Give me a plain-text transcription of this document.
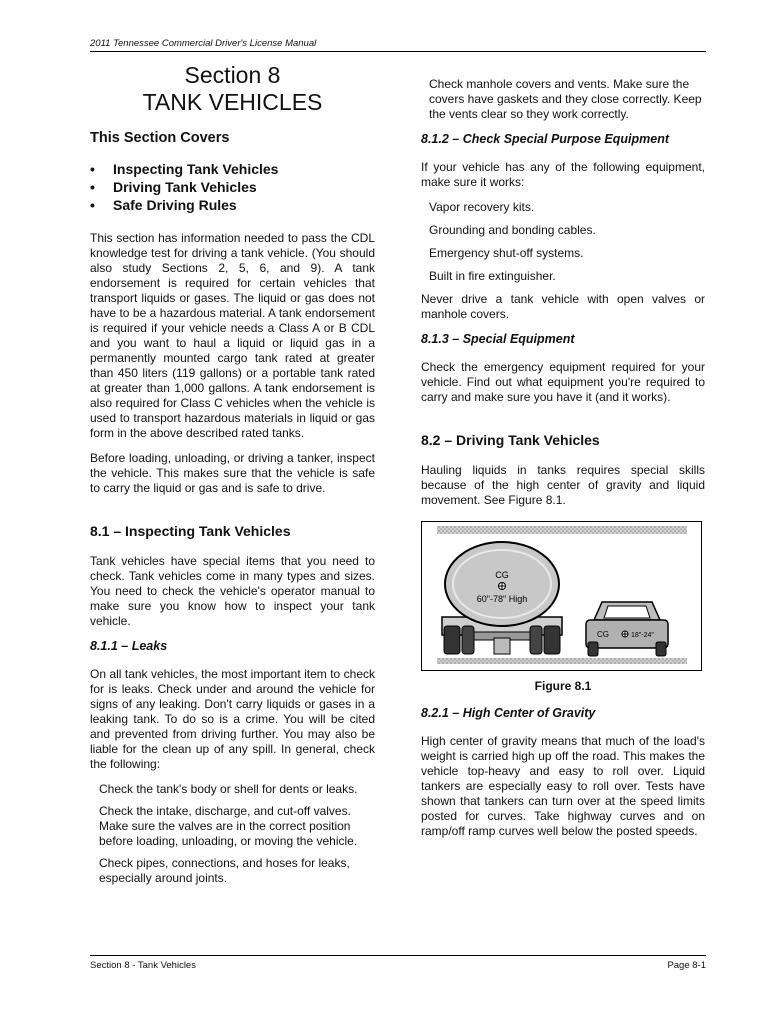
2011 Tennessee Commercial Driver's License Manual
Section 8
TANK VEHICLES
This Section Covers
• Inspecting Tank Vehicles
• Driving Tank Vehicles
• Safe Driving Rules

This section has information needed to pass the CDL knowledge test for driving a tank vehicle. (You should also study Sections 2, 5, 6, and 9). A tank endorsement is required for certain vehicles that transport liquids or gases. The liquid or gas does not have to be a hazardous material. A tank endorsement is required if your vehicle needs a Class A or B CDL and you want to haul a liquid or liquid gas in a permanently mounted cargo tank rated at greater than 450 liters (119 gallons) or a portable tank rated at greater than 1,000 gallons. A tank endorsement is also required for Class C vehicles when the vehicle is used to transport hazardous materials in liquid or gas form in the above described rated tanks.

Before loading, unloading, or driving a tanker, inspect the vehicle. This makes sure that the vehicle is safe to carry the liquid or gas and is safe to drive.

8.1 – Inspecting Tank Vehicles

Tank vehicles have special items that you need to check. Tank vehicles come in many types and sizes. You need to check the vehicle's operator manual to make sure you know how to inspect your tank vehicle.

8.1.1 – Leaks

On all tank vehicles, the most important item to check for is leaks. Check under and around the vehicle for signs of any leaking. Don't carry liquids or gases in a leaking tank. To do so is a crime. You will be cited and prevented from driving further. You may also be liable for the clean up of any spill. In general, check the following:

Check the tank's body or shell for dents or leaks.

Check the intake, discharge, and cut-off valves. Make sure the valves are in the correct position before loading, unloading, or moving the vehicle.

Check pipes, connections, and hoses for leaks, especially around joints.

Check manhole covers and vents. Make sure the covers have gaskets and they close correctly. Keep the vents clear so they work correctly.

8.1.2 – Check Special Purpose Equipment

If your vehicle has any of the following equipment, make sure it works:

Vapor recovery kits.

Grounding and bonding cables.

Emergency shut-off systems.

Built in fire extinguisher.

Never drive a tank vehicle with open valves or manhole covers.

8.1.3 – Special Equipment

Check the emergency equipment required for your vehicle. Find out what equipment you're required to carry and make sure you have it (and it works).

8.2 – Driving Tank Vehicles

Hauling liquids in tanks requires special skills because of the high center of gravity and liquid movement. See Figure 8.1.

CG
60"-78" High
CG	18"-24"
Figure 8.1
8.2.1 – High Center of Gravity

High center of gravity means that much of the load's weight is carried high up off the road. This makes the vehicle top-heavy and easy to roll over. Liquid tankers are especially easy to roll over. Tests have shown that tankers can turn over at the speed limits posted for curves. Take highway curves and on ramp/off ramp curves well below the posted speeds.

Section 8 - Tank Vehicles	Page 8-1
